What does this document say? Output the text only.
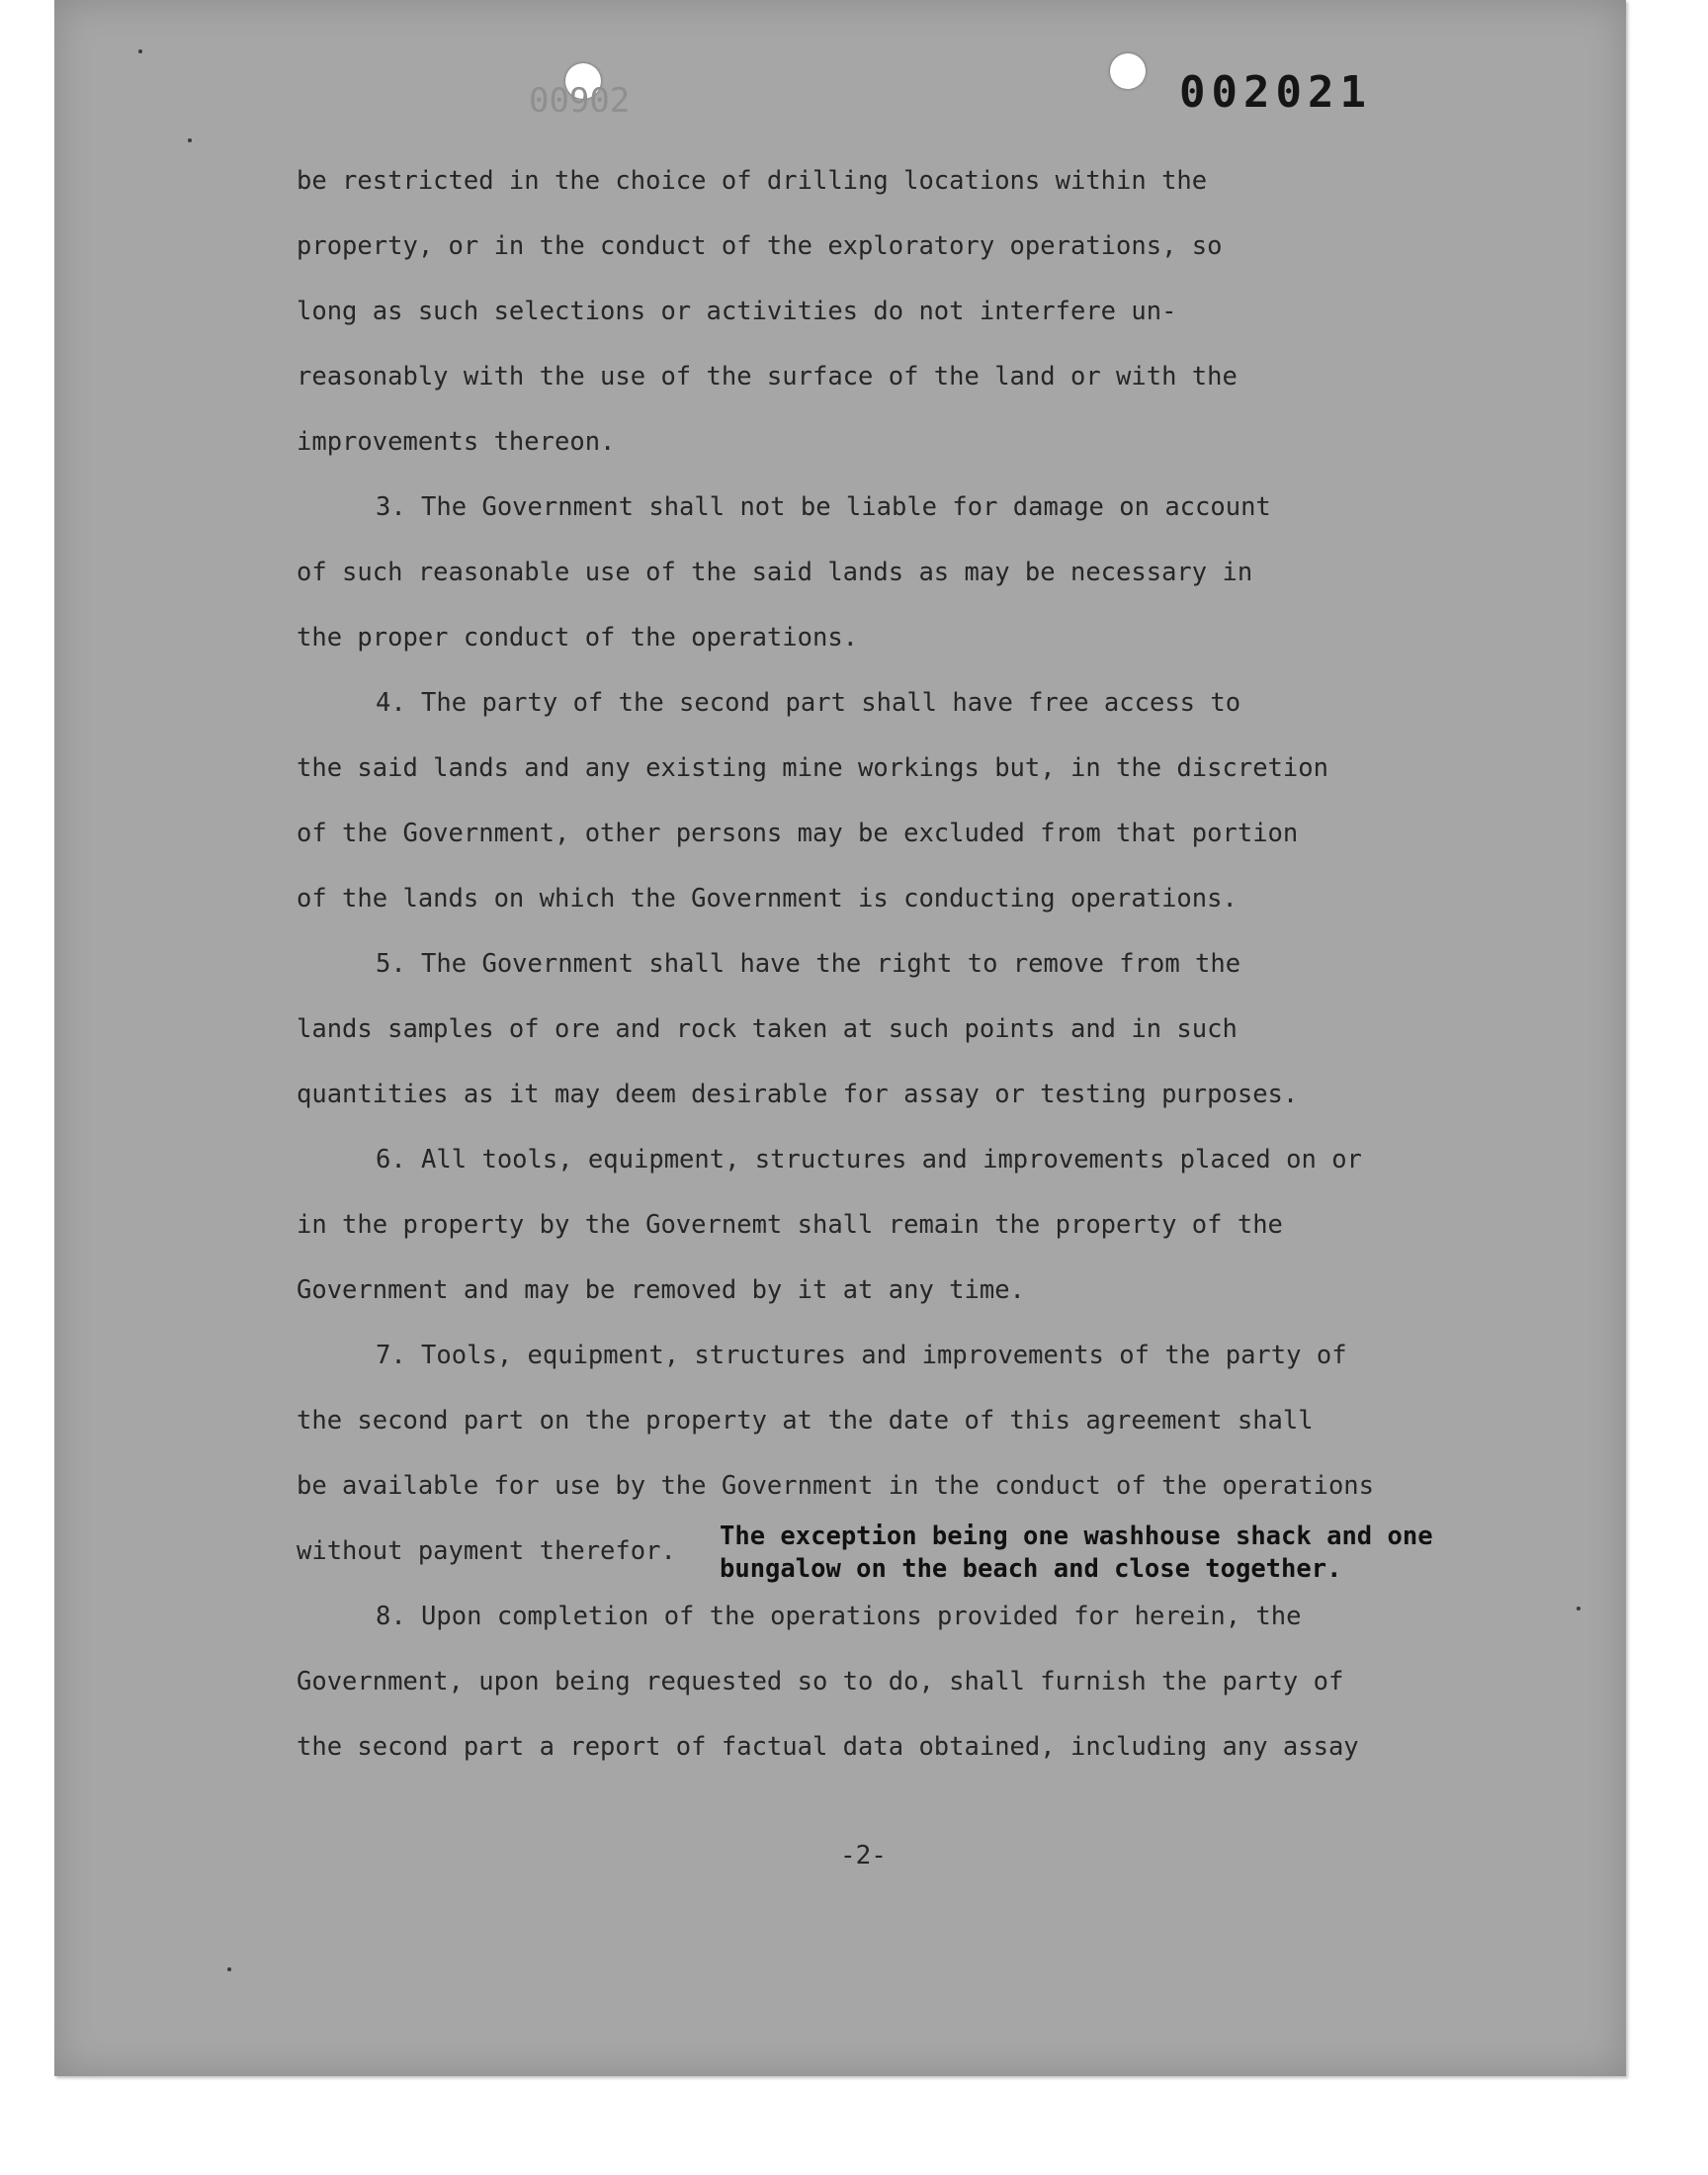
00902	002021
be restricted in the choice of drilling locations within the
property, or in the conduct of the exploratory operations, so
long as such selections or activities do not interfere un-
reasonably with the use of the surface of the land or with the
improvements thereon.
3. The Government shall not be liable for damage on account
of such reasonable use of the said lands as may be necessary in
the proper conduct of the operations.
4. The party of the second part shall have free access to
the said lands and any existing mine workings but, in the discretion
of the Government, other persons may be excluded from that portion
of the lands on which the Government is conducting operations.
5. The Government shall have the right to remove from the
lands samples of ore and rock taken at such points and in such
quantities as it may deem desirable for assay or testing purposes.
6. All tools, equipment, structures and improvements placed on or
in the property by the Governemt shall remain the property of the
Government and may be removed by it at any time.
7. Tools, equipment, structures and improvements of the party of
the second part on the property at the date of this agreement shall
be available for use by the Government in the conduct of the operations
without payment therefor.
8. Upon completion of the operations provided for herein, the
Government, upon being requested so to do, shall furnish the party of
the second part a report of factual data obtained, including any assay
The exception being one washhouse shack and one
bungalow on the beach and close together.
-2-
